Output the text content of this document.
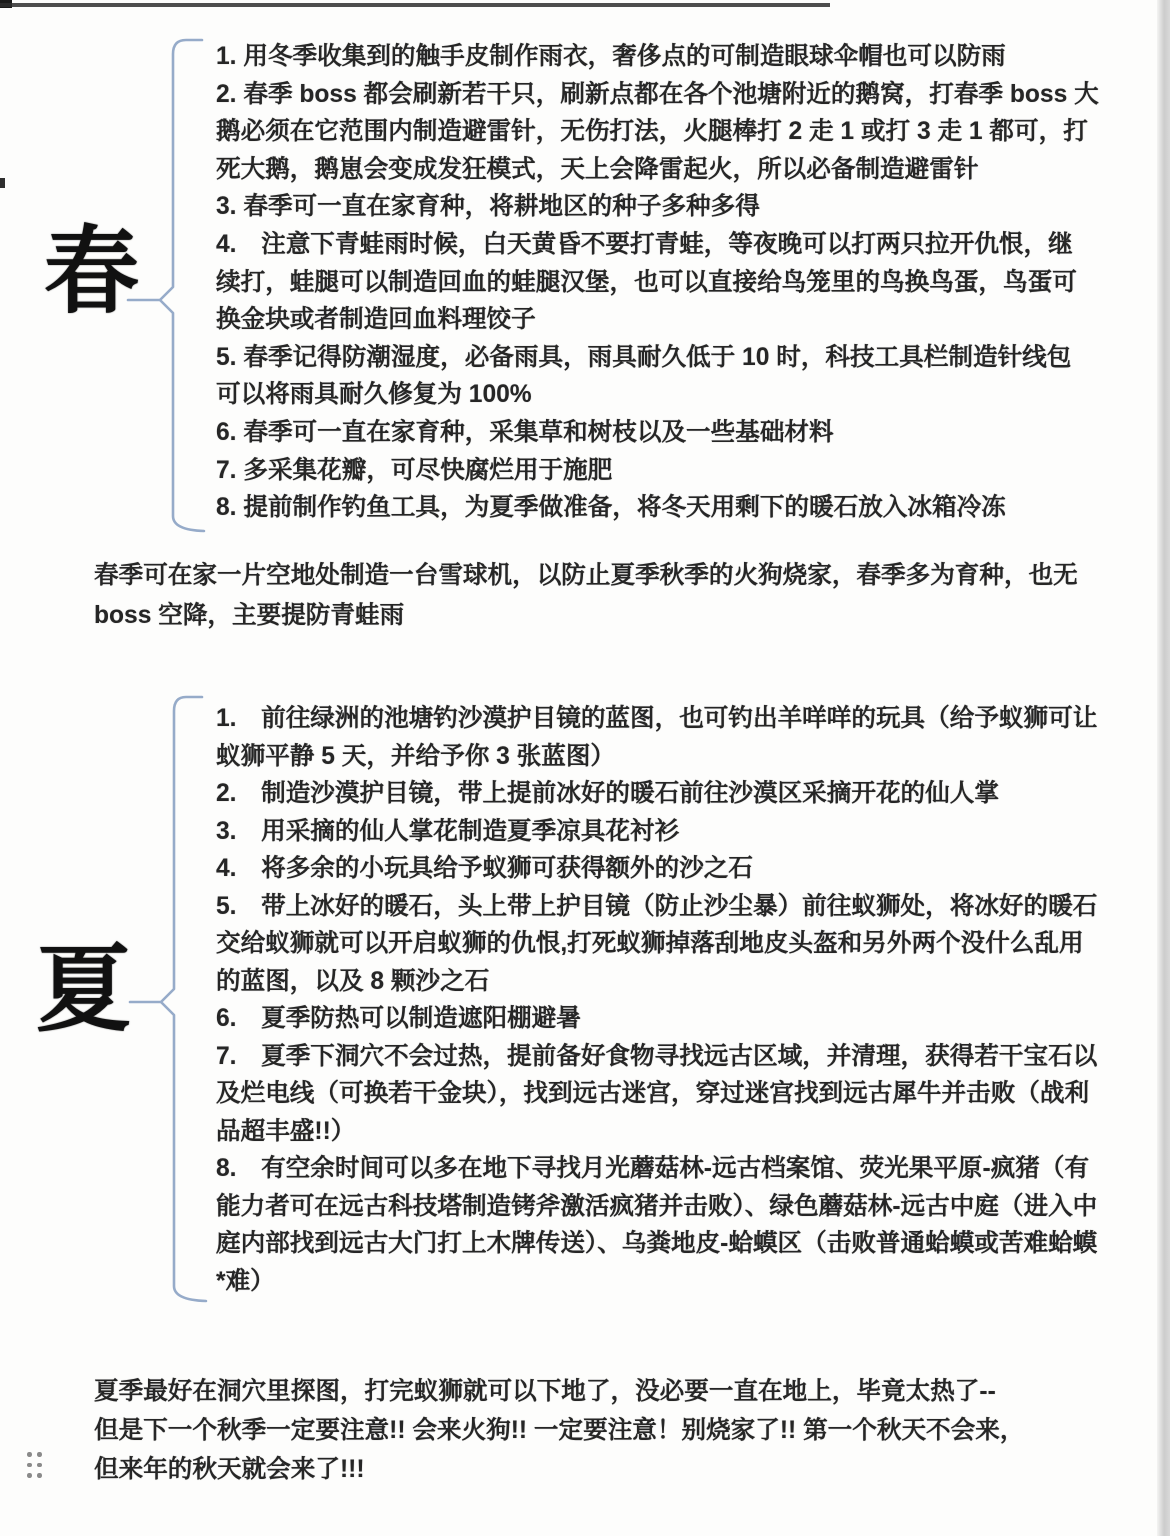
春

1. 用冬季收集到的触手皮制作雨衣，奢侈点的可制造眼球伞帽也可以防雨

2. 春季 boss 都会刷新若干只，刷新点都在各个池塘附近的鹅窝，打春季 boss 大

鹅必须在它范围内制造避雷针，无伤打法，火腿棒打 2 走 1 或打 3 走 1 都可，打

死大鹅，鹅崽会变成发狂模式，天上会降雷起火，所以必备制造避雷针

3. 春季可一直在家育种，将耕地区的种子多种多得

4.　注意下青蛙雨时候，白天黄昏不要打青蛙，等夜晚可以打两只拉开仇恨，继

续打，蛙腿可以制造回血的蛙腿汉堡，也可以直接给鸟笼里的鸟换鸟蛋，鸟蛋可

换金块或者制造回血料理饺子

5. 春季记得防潮湿度，必备雨具，雨具耐久低于 10 时，科技工具栏制造针线包

可以将雨具耐久修复为 100%

6. 春季可一直在家育种，采集草和树枝以及一些基础材料

7. 多采集花瓣，可尽快腐烂用于施肥

8. 提前制作钓鱼工具，为夏季做准备，将冬天用剩下的暖石放入冰箱冷冻

春季可在家一片空地处制造一台雪球机，以防止夏季秋季的火狗烧家，春季多为育种，也无

boss 空降，主要提防青蛙雨

夏

1.　前往绿洲的池塘钓沙漠护目镜的蓝图，也可钓出羊咩咩的玩具（给予蚁狮可让

蚁狮平静 5 天，并给予你 3 张蓝图）

2.　制造沙漠护目镜，带上提前冰好的暖石前往沙漠区采摘开花的仙人掌

3.　用采摘的仙人掌花制造夏季凉具花衬衫

4.　将多余的小玩具给予蚁狮可获得额外的沙之石

5.　带上冰好的暖石，头上带上护目镜（防止沙尘暴）前往蚁狮处，将冰好的暖石

交给蚁狮就可以开启蚁狮的仇恨,打死蚁狮掉落刮地皮头盔和另外两个没什么乱用

的蓝图，以及 8 颗沙之石

6.　夏季防热可以制造遮阳棚避暑

7.　夏季下洞穴不会过热，提前备好食物寻找远古区域，并清理，获得若干宝石以

及烂电线（可换若干金块），找到远古迷宫，穿过迷宫找到远古犀牛并击败（战利

品超丰盛!!）

8.　有空余时间可以多在地下寻找月光蘑菇林-远古档案馆、荧光果平原-疯猪（有

能力者可在远古科技塔制造铐斧激活疯猪并击败）、绿色蘑菇林-远古中庭（进入中

庭内部找到远古大门打上木牌传送）、乌粪地皮-蛤蟆区（击败普通蛤蟆或苦难蛤蟆

*难）

夏季最好在洞穴里探图，打完蚁狮就可以下地了，没必要一直在地上，毕竟太热了--

但是下一个秋季一定要注意!! 会来火狗!! 一定要注意！别烧家了!! 第一个秋天不会来，

但来年的秋天就会来了!!!
